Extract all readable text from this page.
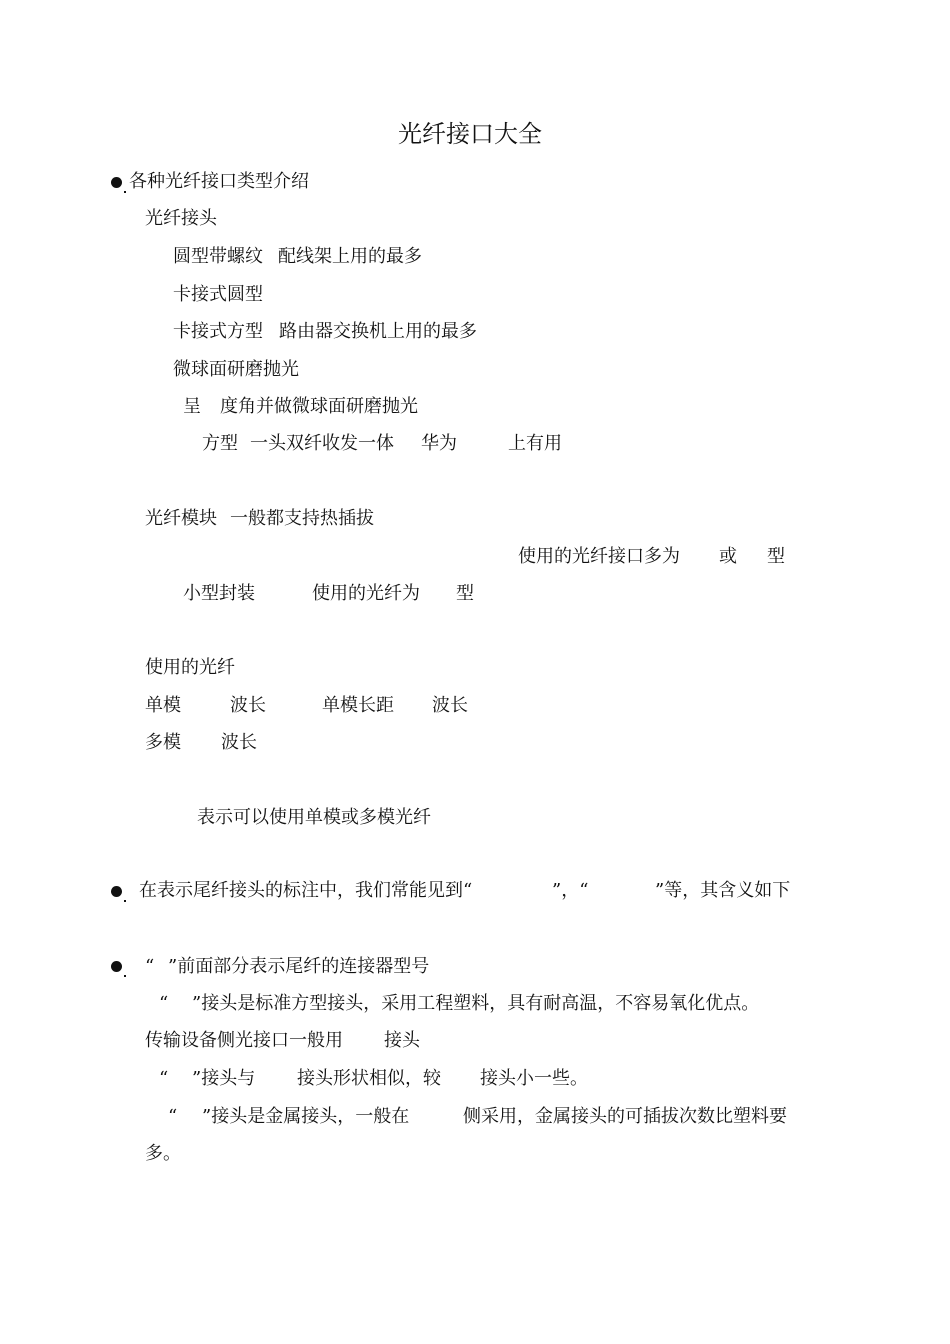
光纤接口大全
各种光纤接口类型介绍
光纤接头
圆型带螺纹 配线架上用的最多
卡接式圆型
卡接式方型 路由器交换机上用的最多
微球面研磨抛光
呈 度角并做微球面研磨抛光
方型 一头双纤收发一体 华为	上有用
光纤模块 一般都支持热插拔
使用的光纤接口多为 或 型
小型封装	使用的光纤为 型
使用的光纤
单模	波长	单模长距 波长
多模 波长
表示可以使用单模或多模光纤
在表示尾纤接头的标注中，我们常能见到“	”，“	”等，其含义如下
“ ”前面部分表示尾纤的连接器型号
“ ”接头是标准方型接头，采用工程塑料，具有耐高温，不容易氧化优点。
传输设备侧光接口一般用 接头
“ ”接头与 接头形状相似，较 接头小一些。
“ ”接头是金属接头，一般在	侧采用，金属接头的可插拔次数比塑料要
多。
